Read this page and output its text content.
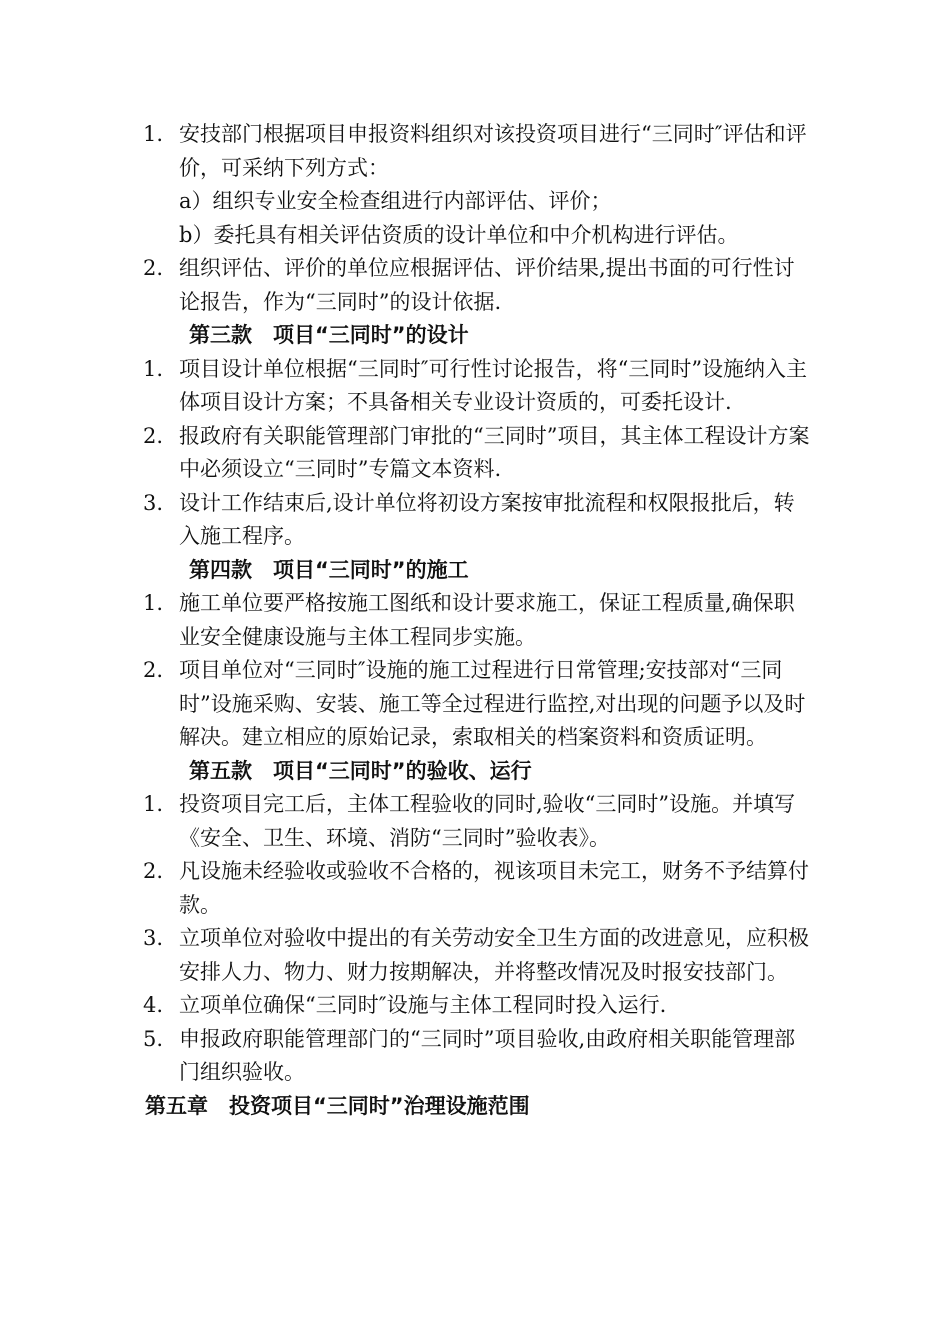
1. 安技部门根据项目申报资料组织对该投资项目进行“三同时″评估和评价，可采纳下列方式：

a）组织专业安全检查组进行内部评估、评价；

b）委托具有相关评估资质的设计单位和中介机构进行评估。

2. 组织评估、评价的单位应根据评估、评价结果,提出书面的可行性讨论报告，作为“三同时”的设计依据.

第三款　项目“三同时”的设计

1. 项目设计单位根据“三同时″可行性讨论报告，将“三同时”设施纳入主体项目设计方案；不具备相关专业设计资质的，可委托设计.

2. 报政府有关职能管理部门审批的“三同时”项目，其主体工程设计方案中必须设立“三同时”专篇文本资料.

3. 设计工作结束后,设计单位将初设方案按审批流程和权限报批后，转入施工程序。

第四款　项目“三同时”的施工

1. 施工单位要严格按施工图纸和设计要求施工，保证工程质量,确保职业安全健康设施与主体工程同步实施。

2. 项目单位对“三同时″设施的施工过程进行日常管理;安技部对“三同时”设施采购、安装、施工等全过程进行监控,对出现的问题予以及时解决。建立相应的原始记录，索取相关的档案资料和资质证明。

第五款　项目“三同时”的验收、运行

1. 投资项目完工后，主体工程验收的同时,验收“三同时”设施。并填写《安全、卫生、环境、消防“三同时”验收表》。

2. 凡设施未经验收或验收不合格的，视该项目未完工，财务不予结算付款。

3. 立项单位对验收中提出的有关劳动安全卫生方面的改进意见，应积极安排人力、物力、财力按期解决，并将整改情况及时报安技部门。

4. 立项单位确保“三同时″设施与主体工程同时投入运行.

5. 申报政府职能管理部门的“三同时”项目验收,由政府相关职能管理部门组织验收。

第五章　投资项目“三同时”治理设施范围
